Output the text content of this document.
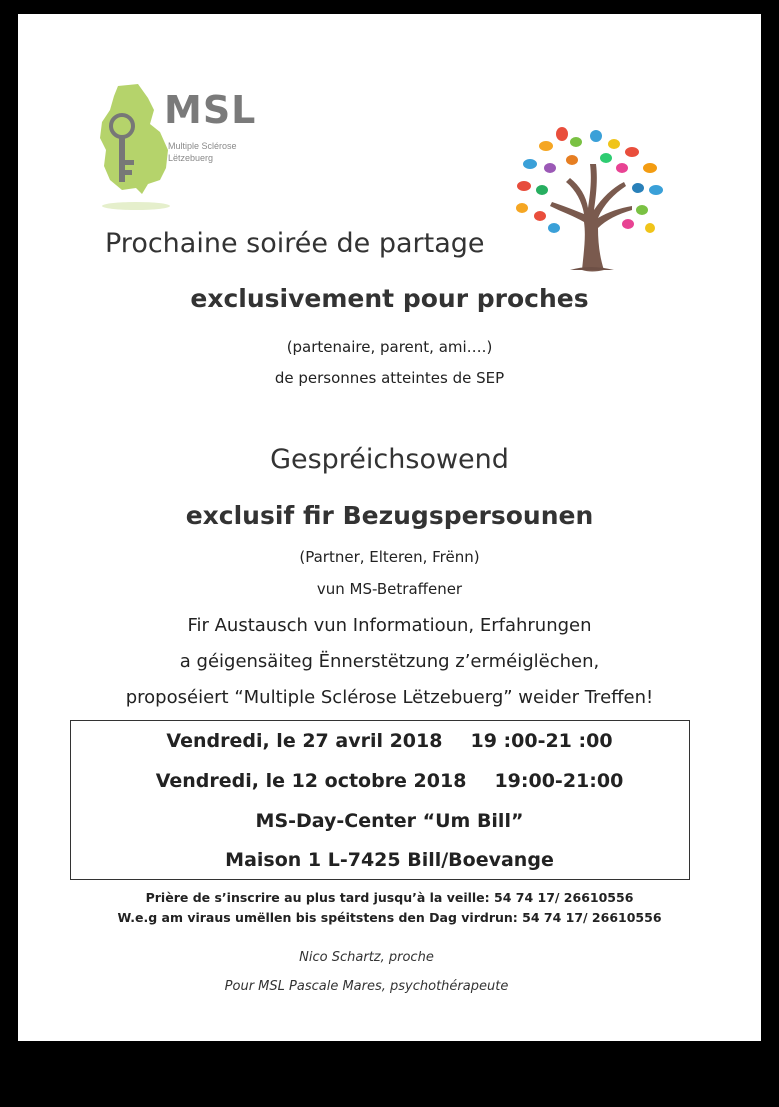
MSL
Multiple Sclérose
Lëtzebuerg
Prochaine soirée de partage
exclusivement pour proches
(partenaire, parent, ami….)
de personnes atteintes de SEP
Gespréichsowend
exclusif fir Bezugspersounen
(Partner, Elteren, Frënn)
vun MS-Betraffener
Fir Austausch vun Informatioun, Erfahrungen
a géigensäiteg Ënnerstëtzung z’erméiglëchen,
proposéiert “Multiple Sclérose Lëtzebuerg” weider Treffen!
Vendredi, le 27 avril 2018 19 :00-21 :00
Vendredi, le 12 octobre 2018 19:00-21:00
MS-Day-Center “Um Bill”
Maison 1 L-7425 Bill/Boevange
Prière de s’inscrire au plus tard jusqu’à la veille: 54 74 17/ 26610556
W.e.g am viraus umëllen bis spéitstens den Dag virdrun: 54 74 17/ 26610556
Nico Schartz, proche
Pour MSL Pascale Mares, psychothérapeute
